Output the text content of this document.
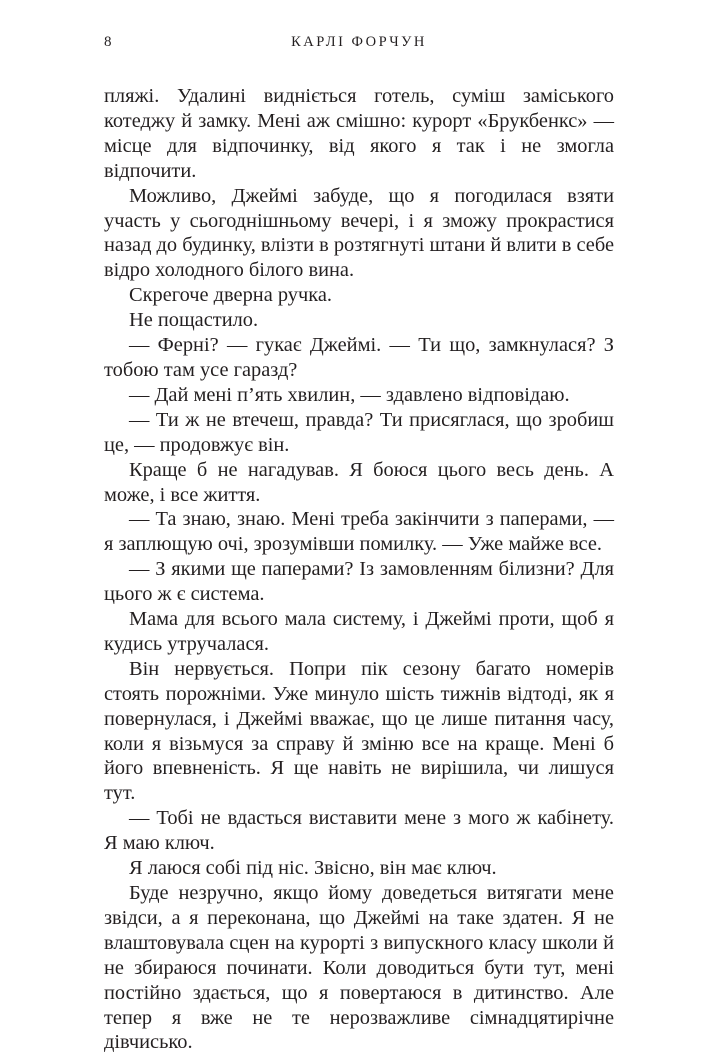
8	КАРЛІ ФОРЧУН

пляжі. Удалині видніється готель, суміш заміського котеджу й замку. Мені аж смішно: курорт «Брукбенкс» — місце для відпочинку, від якого я так і не змогла відпочити.

Можливо, Джеймі забуде, що я погодилася взяти участь у сьогоднішньому вечері, і я зможу прокрастися назад до будинку, влізти в розтягнуті штани й влити в себе відро холодного білого вина.

Скрегоче дверна ручка.

Не пощастило.

— Ферні? — гукає Джеймі. — Ти що, замкнулася? З тобою там усе гаразд?

— Дай мені п’ять хвилин, — здавлено відповідаю.

— Ти ж не втечеш, правда? Ти присяглася, що зробиш це, — продовжує він.

Краще б не нагадував. Я боюся цього весь день. А може, і все життя.

— Та знаю, знаю. Мені треба закінчити з паперами, — я заплющую очі, зрозумівши помилку. — Уже майже все.

— З якими ще паперами? Із замовленням білизни? Для цього ж є система.

Мама для всього мала систему, і Джеймі проти, щоб я кудись утручалася.

Він нервується. Попри пік сезону багато номерів стоять порожніми. Уже минуло шість тижнів відтоді, як я повернулася, і Джеймі вважає, що це лише питання часу, коли я візьмуся за справу й зміню все на краще. Мені б його впевненість. Я ще навіть не вирішила, чи лишуся тут.

— Тобі не вдасться виставити мене з мого ж кабінету. Я маю ключ.

Я лаюся собі під ніс. Звісно, він має ключ.

Буде незручно, якщо йому доведеться витягати мене звідси, а я переконана, що Джеймі на таке здатен. Я не влаштовувала сцен на курорті з випускного класу школи й не збираюся починати. Коли доводиться бути тут, мені постійно здається, що я повертаюся в дитинство. Але тепер я вже не те нерозважливе сімнадцятирічне дівчисько.
